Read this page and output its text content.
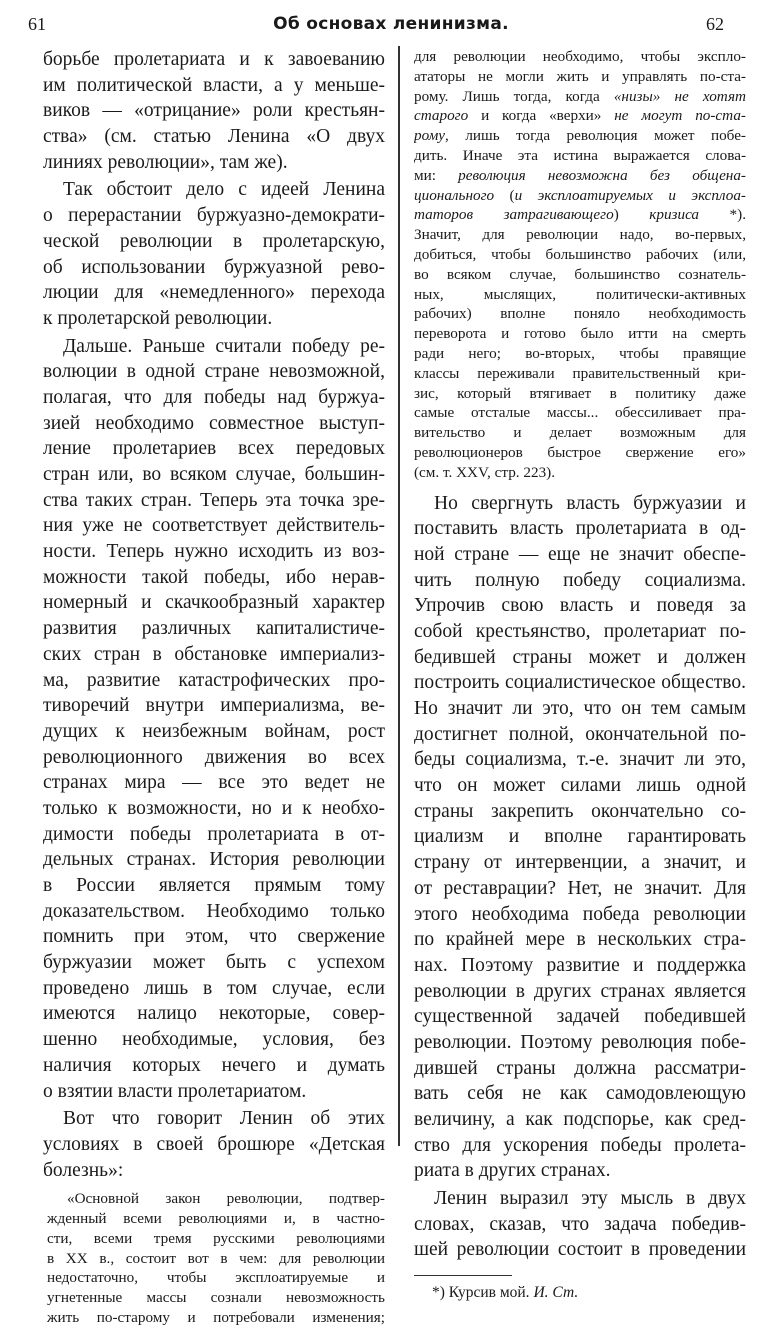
61	Об основах ленинизма.	62
борьбе пролетариата и к завоеванию
им политической власти, а у меньше-
виков — «отрицание» роли крестьян-
ства» (см. статью Ленина «О двух
линиях революции», там же).
Так обстоит дело с идеей Ленина
о перерастании буржуазно-демократи-
ческой революции в пролетарскую,
об использовании буржуазной рево-
люции для «немедленного» перехода
к пролетарской революции.
Дальше. Раньше считали победу ре-
волюции в одной стране невозможной,
полагая, что для победы над буржуа-
зией необходимо совместное выступ-
ление пролетариев всех передовых
стран или, во всяком случае, большин-
ства таких стран. Теперь эта точка зре-
ния уже не соответствует действитель-
ности. Теперь нужно исходить из воз-
можности такой победы, ибо нерав-
номерный и скачкообразный характер
развития различных капиталистиче-
ских стран в обстановке империализ-
ма, развитие катастрофических про-
тиворечий внутри империализма, ве-
дущих к неизбежным войнам, рост
революционного движения во всех
странах мира — все это ведет не
только к возможности, но и к необхо-
димости победы пролетариата в от-
дельных странах. История революции
в России является прямым тому
доказательством. Необходимо только
помнить при этом, что свержение
буржуазии может быть с успехом
проведено лишь в том случае, если
имеются налицо некоторые, совер-
шенно необходимые, условия, без
наличия которых нечего и думать
о взятии власти пролетариатом.
Вот что говорит Ленин об этих
условиях в своей брошюре «Детская
болезнь»:
«Основной закон революции, подтвер-
жденный всеми революциями и, в частно-
сти, всеми тремя русскими революциями
в XX в., состоит вот в чем: для революции
недостаточно, чтобы эксплоатируемые и
угнетенные массы сознали невозможность
жить по-старому и потребовали изменения;
для революции необходимо, чтобы эксплo-
ататоры не могли жить и управлять по-ста-
рому. Лишь тогда, когда «низы» не хотят
старого и когда «верхи» не могут по-ста-
рому, лишь тогда революция может побе-
дить. Иначе эта истина выражается слова-
ми: революция невозможна без общена-
ционального (и эксплоатируемых и эксплоа-
таторов затрагивающего) кризиса *).
Значит, для революции надо, во-первых,
добиться, чтобы большинство рабочих (или,
во всяком случае, большинство сознатель-
ных, мыслящих, политически-активных
рабочих) вполне поняло необходимость
переворота и готово было итти на смерть
ради него; во-вторых, чтобы правящие
классы переживали правительственный кри-
зис, который втягивает в политику даже
самые отсталые массы... обессиливает пра-
вительство и делает возможным для
революционеров быстрое свержение его»
(см. т. XXV, стр. 223).
Но свергнуть власть буржуазии и
поставить власть пролетариата в од-
ной стране — еще не значит обеспе-
чить полную победу социализма.
Упрочив свою власть и поведя за
собой крестьянство, пролетариат по-
бедившей страны может и должен
построить социалистическое общество.
Но значит ли это, что он тем самым
достигнет полной, окончательной по-
беды социализма, т.-е. значит ли это,
что он может силами лишь одной
страны закрепить окончательно со-
циализм и вполне гарантировать
страну от интервенции, а значит, и
от реставрации? Нет, не значит. Для
этого необходима победа революции
по крайней мере в нескольких стра-
нах. Поэтому развитие и поддержка
революции в других странах является
существенной задачей победившей
революции. Поэтому революция побе-
дившей страны должна рассматри-
вать себя не как самодовлеющую
величину, а как подспорье, как сред-
ство для ускорения победы пролета-
риата в других странах.
Ленин выразил эту мысль в двух
словах, сказав, что задача победив-
шей революции состоит в проведении
*) Курсив мой. И. Ст.
